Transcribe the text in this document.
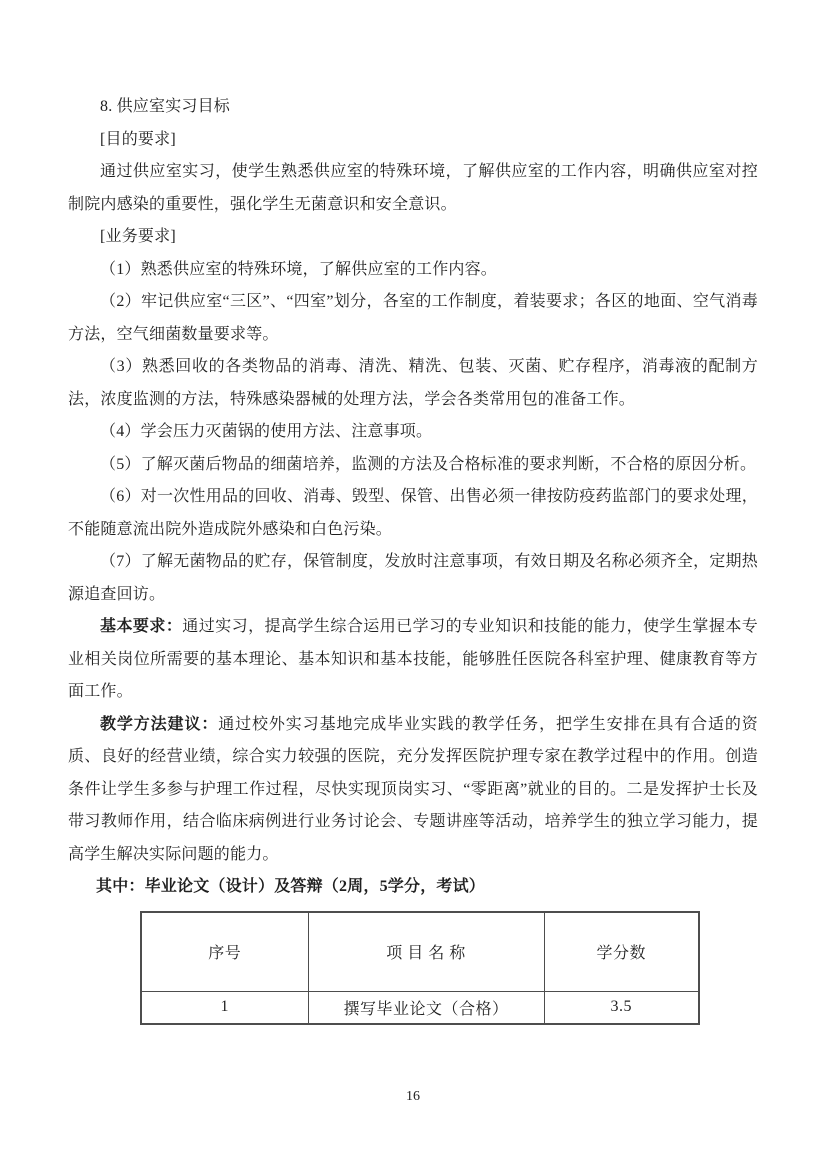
8. 供应室实习目标

[目的要求]

通过供应室实习，使学生熟悉供应室的特殊环境，了解供应室的工作内容，明确供应室对控制院内感染的重要性，强化学生无菌意识和安全意识。

[业务要求]

（1）熟悉供应室的特殊环境，了解供应室的工作内容。

（2）牢记供应室“三区”、“四室”划分，各室的工作制度，着装要求；各区的地面、空气消毒方法，空气细菌数量要求等。

（3）熟悉回收的各类物品的消毒、清洗、精洗、包装、灭菌、贮存程序，消毒液的配制方法，浓度监测的方法，特殊感染器械的处理方法，学会各类常用包的准备工作。

（4）学会压力灭菌锅的使用方法、注意事项。

（5）了解灭菌后物品的细菌培养，监测的方法及合格标准的要求判断，不合格的原因分析。

（6）对一次性用品的回收、消毒、毁型、保管、出售必须一律按防疫药监部门的要求处理，不能随意流出院外造成院外感染和白色污染。

（7）了解无菌物品的贮存，保管制度，发放时注意事项，有效日期及名称必须齐全，定期热源追查回访。

基本要求：通过实习，提高学生综合运用已学习的专业知识和技能的能力，使学生掌握本专业相关岗位所需要的基本理论、基本知识和基本技能，能够胜任医院各科室护理、健康教育等方面工作。

教学方法建议：通过校外实习基地完成毕业实践的教学任务，把学生安排在具有合适的资质、良好的经营业绩，综合实力较强的医院，充分发挥医院护理专家在教学过程中的作用。创造条件让学生多参与护理工作过程，尽快实现顶岗实习、“零距离”就业的目的。二是发挥护士长及带习教师作用，结合临床病例进行业务讨论会、专题讲座等活动，培养学生的独立学习能力，提高学生解决实际问题的能力。

其中：毕业论文（设计）及答辩（2周，5学分，考试）

序号	项 目 名 称	学分数
1	撰写毕业论文（合格）	3.5
16
